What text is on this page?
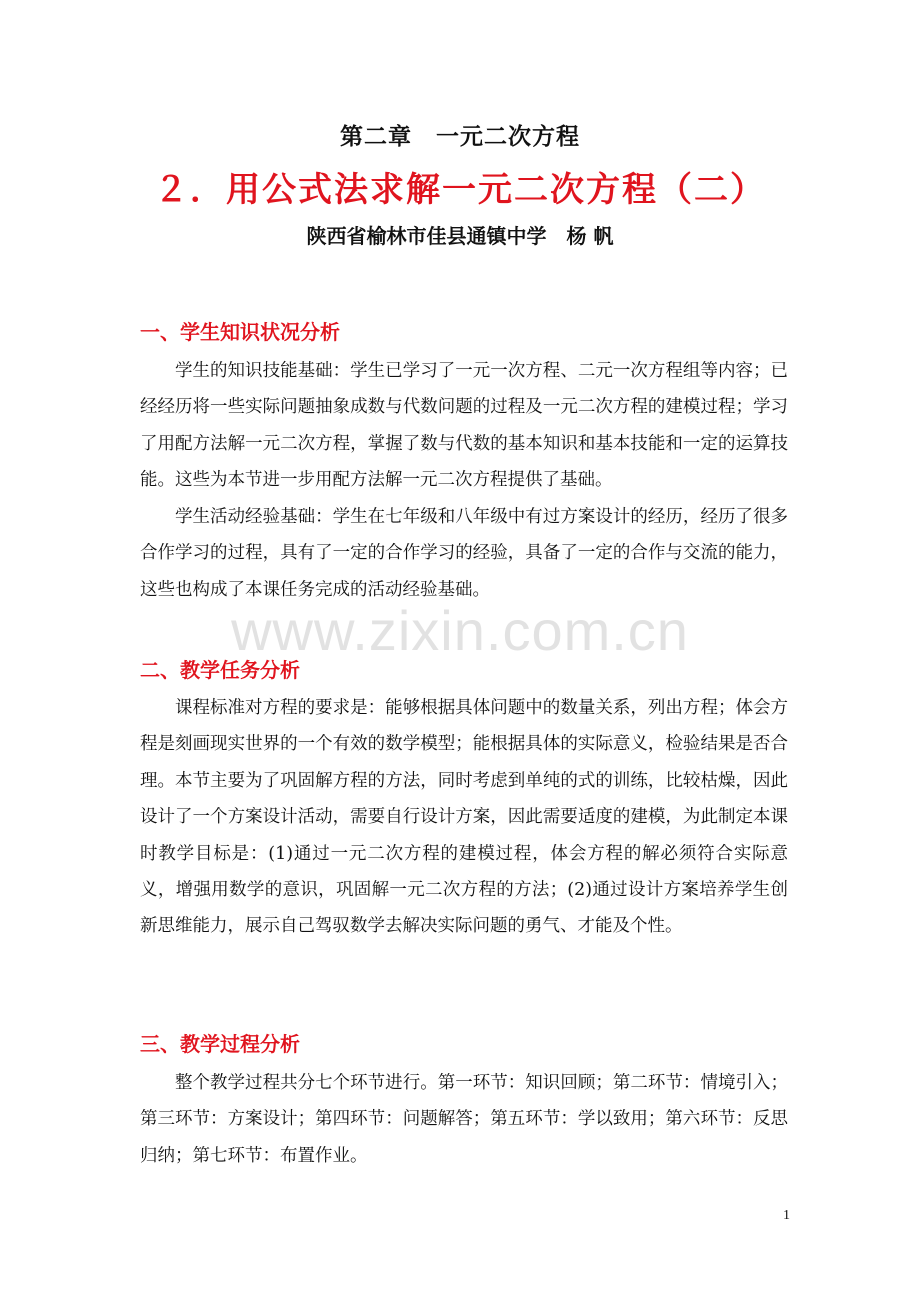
第二章　一元二次方程
２．用公式法求解一元二次方程（二）
陕西省榆林市佳县通镇中学　杨 帆
一、学生知识状况分析

学生的知识技能基础：学生已学习了一元一次方程、二元一次方程组等内容；已经经历将一些实际问题抽象成数与代数问题的过程及一元二次方程的建模过程；学习了用配方法解一元二次方程，掌握了数与代数的基本知识和基本技能和一定的运算技能。这些为本节进一步用配方法解一元二次方程提供了基础。

学生活动经验基础：学生在七年级和八年级中有过方案设计的经历，经历了很多合作学习的过程，具有了一定的合作学习的经验，具备了一定的合作与交流的能力，这些也构成了本课任务完成的活动经验基础。

www.zixin.com.cn
二、教学任务分析

课程标准对方程的要求是：能够根据具体问题中的数量关系，列出方程；体会方程是刻画现实世界的一个有效的数学模型；能根据具体的实际意义，检验结果是否合理。本节主要为了巩固解方程的方法，同时考虑到单纯的式的训练，比较枯燥，因此设计了一个方案设计活动，需要自行设计方案，因此需要适度的建模，为此制定本课时教学目标是：(1)通过一元二次方程的建模过程，体会方程的解必须符合实际意义，增强用数学的意识，巩固解一元二次方程的方法；(2)通过设计方案培养学生创新思维能力，展示自己驾驭数学去解决实际问题的勇气、才能及个性。

三、教学过程分析

整个教学过程共分七个环节进行。第一环节：知识回顾；第二环节：情境引入；第三环节：方案设计；第四环节：问题解答；第五环节：学以致用；第六环节：反思归纳；第七环节：布置作业。

1
